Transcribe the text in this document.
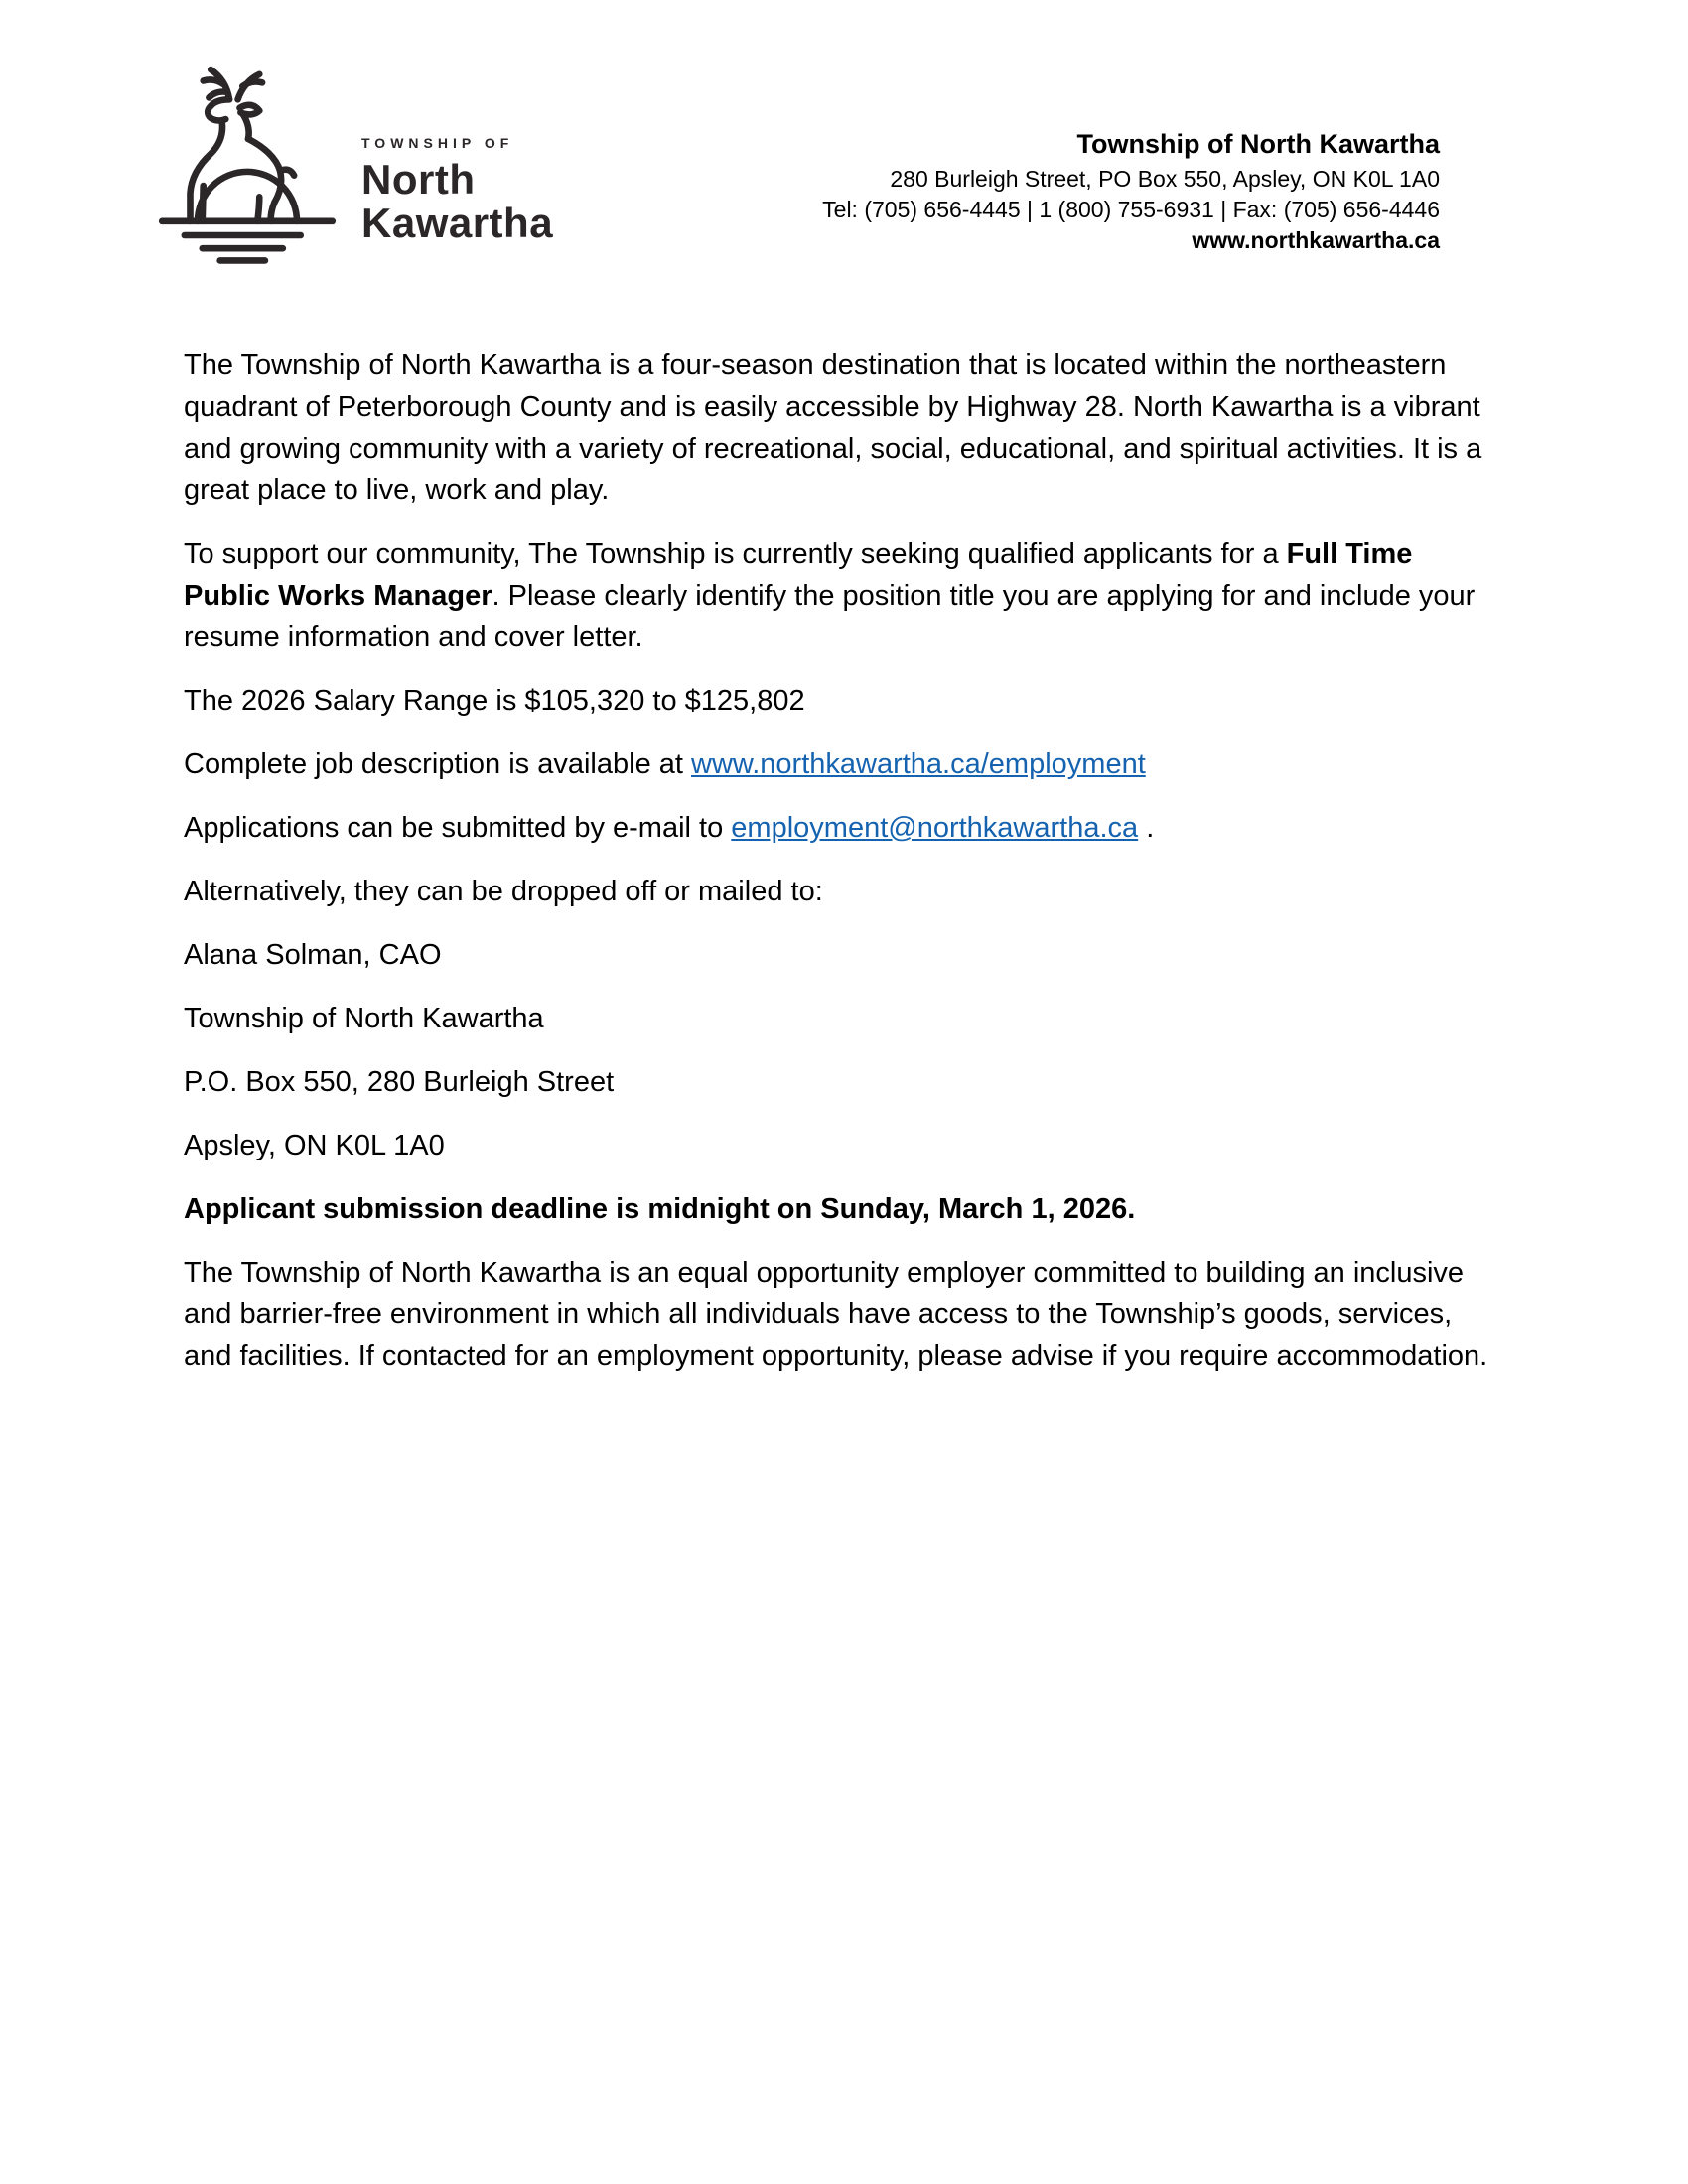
TOWNSHIP OF
North
Kawartha
Township of North Kawartha
280 Burleigh Street, PO Box 550, Apsley, ON K0L 1A0
Tel: (705) 656-4445 | 1 (800) 755-6931 | Fax: (705) 656-4446
www.northkawartha.ca

The Township of North Kawartha is a four-season destination that is located within the northeastern quadrant of Peterborough County and is easily accessible by Highway 28. North Kawartha is a vibrant and growing community with a variety of recreational, social, educational, and spiritual activities. It is a great place to live, work and play.

To support our community, The Township is currently seeking qualified applicants for a Full Time Public Works Manager. Please clearly identify the position title you are applying for and include your resume information and cover letter.

The 2026 Salary Range is $105,320 to $125,802

Complete job description is available at www.northkawartha.ca/employment

Applications can be submitted by e-mail to employment@northkawartha.ca .

Alternatively, they can be dropped off or mailed to:

Alana Solman, CAO

Township of North Kawartha

P.O. Box 550, 280 Burleigh Street

Apsley, ON K0L 1A0

Applicant submission deadline is midnight on Sunday, March 1, 2026.

The Township of North Kawartha is an equal opportunity employer committed to building an inclusive and barrier-free environment in which all individuals have access to the Township’s goods, services, and facilities. If contacted for an employment opportunity, please advise if you require accommodation.
